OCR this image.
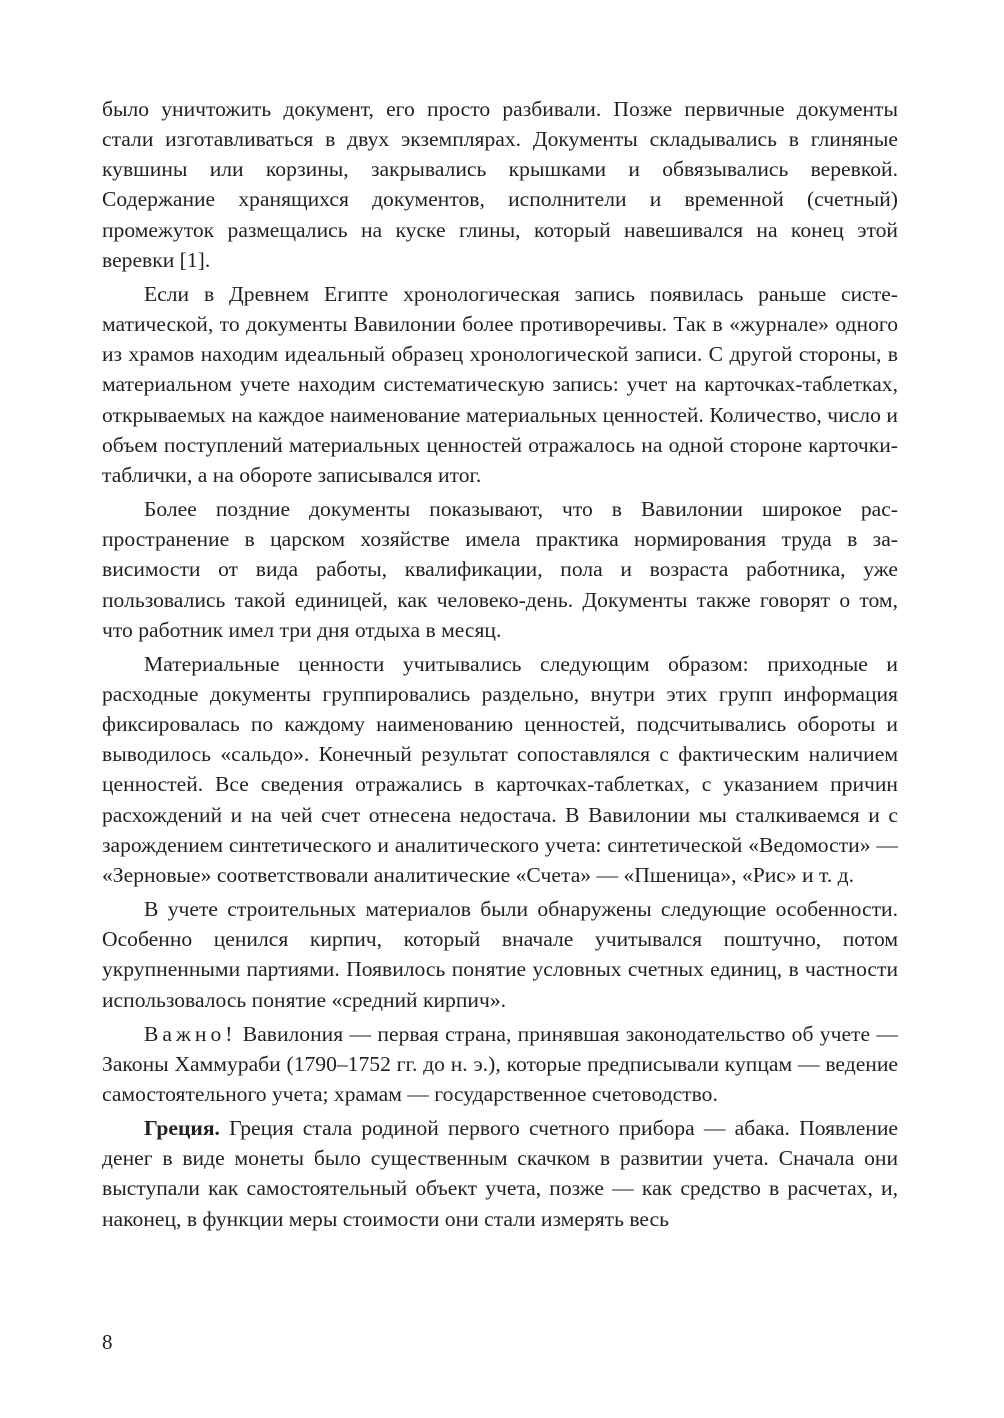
было уничтожить документ, его просто разбивали. Позже первичные документы стали изготавливаться в двух экземплярах. Документы складывались в глиняные кувшины или корзины, закрывались крышками и обвязывались веревкой. Содержание хранящихся документов, исполнители и временной (счетный) промежуток размещались на куске глины, который навешивался на конец этой веревки [1].

Если в Древнем Египте хронологическая запись появилась раньше систематической, то документы Вавилонии более противоречивы. Так в «журнале» одного из храмов находим идеальный образец хронологической записи. С другой стороны, в материальном учете находим систематическую запись: учет на карточках-таблетках, открываемых на каждое наименование материальных ценностей. Количество, число и объем поступлений материальных ценностей отражалось на одной стороне карточки-таблички, а на обороте записывался итог.

Более поздние документы показывают, что в Вавилонии широкое распространение в царском хозяйстве имела практика нормирования труда в зависимости от вида работы, квалификации, пола и возраста работника, уже пользовались такой единицей, как человеко-день. Документы также говорят о том, что работник имел три дня отдыха в месяц.

Материальные ценности учитывались следующим образом: приходные и расходные документы группировались раздельно, внутри этих групп информация фиксировалась по каждому наименованию ценностей, подсчитывались обороты и выводилось «сальдо». Конечный результат сопоставлялся с фактическим наличием ценностей. Все сведения отражались в карточках-таблетках, с указанием причин расхождений и на чей счет отнесена недостача. В Вавилонии мы сталкиваемся и с зарождением синтетического и аналитического учета: синтетической «Ведомости» — «Зерновые» соответствовали аналитические «Счета» — «Пшеница», «Рис» и т. д.

В учете строительных материалов были обнаружены следующие особенности. Особенно ценился кирпич, который вначале учитывался поштучно, потом укрупненными партиями. Появилось понятие условных счетных единиц, в частности использовалось понятие «средний кирпич».

Важно! Вавилония — первая страна, принявшая законодательство об учете — Законы Хаммураби (1790–1752 гг. до н. э.), которые предписывали купцам — ведение самостоятельного учета; храмам — государственное счетоводство.

Греция. Греция стала родиной первого счетного прибора — абака. Появление денег в виде монеты было существенным скачком в развитии учета. Сначала они выступали как самостоятельный объект учета, позже — как средство в расчетах, и, наконец, в функции меры стоимости они стали измерять весь

8
